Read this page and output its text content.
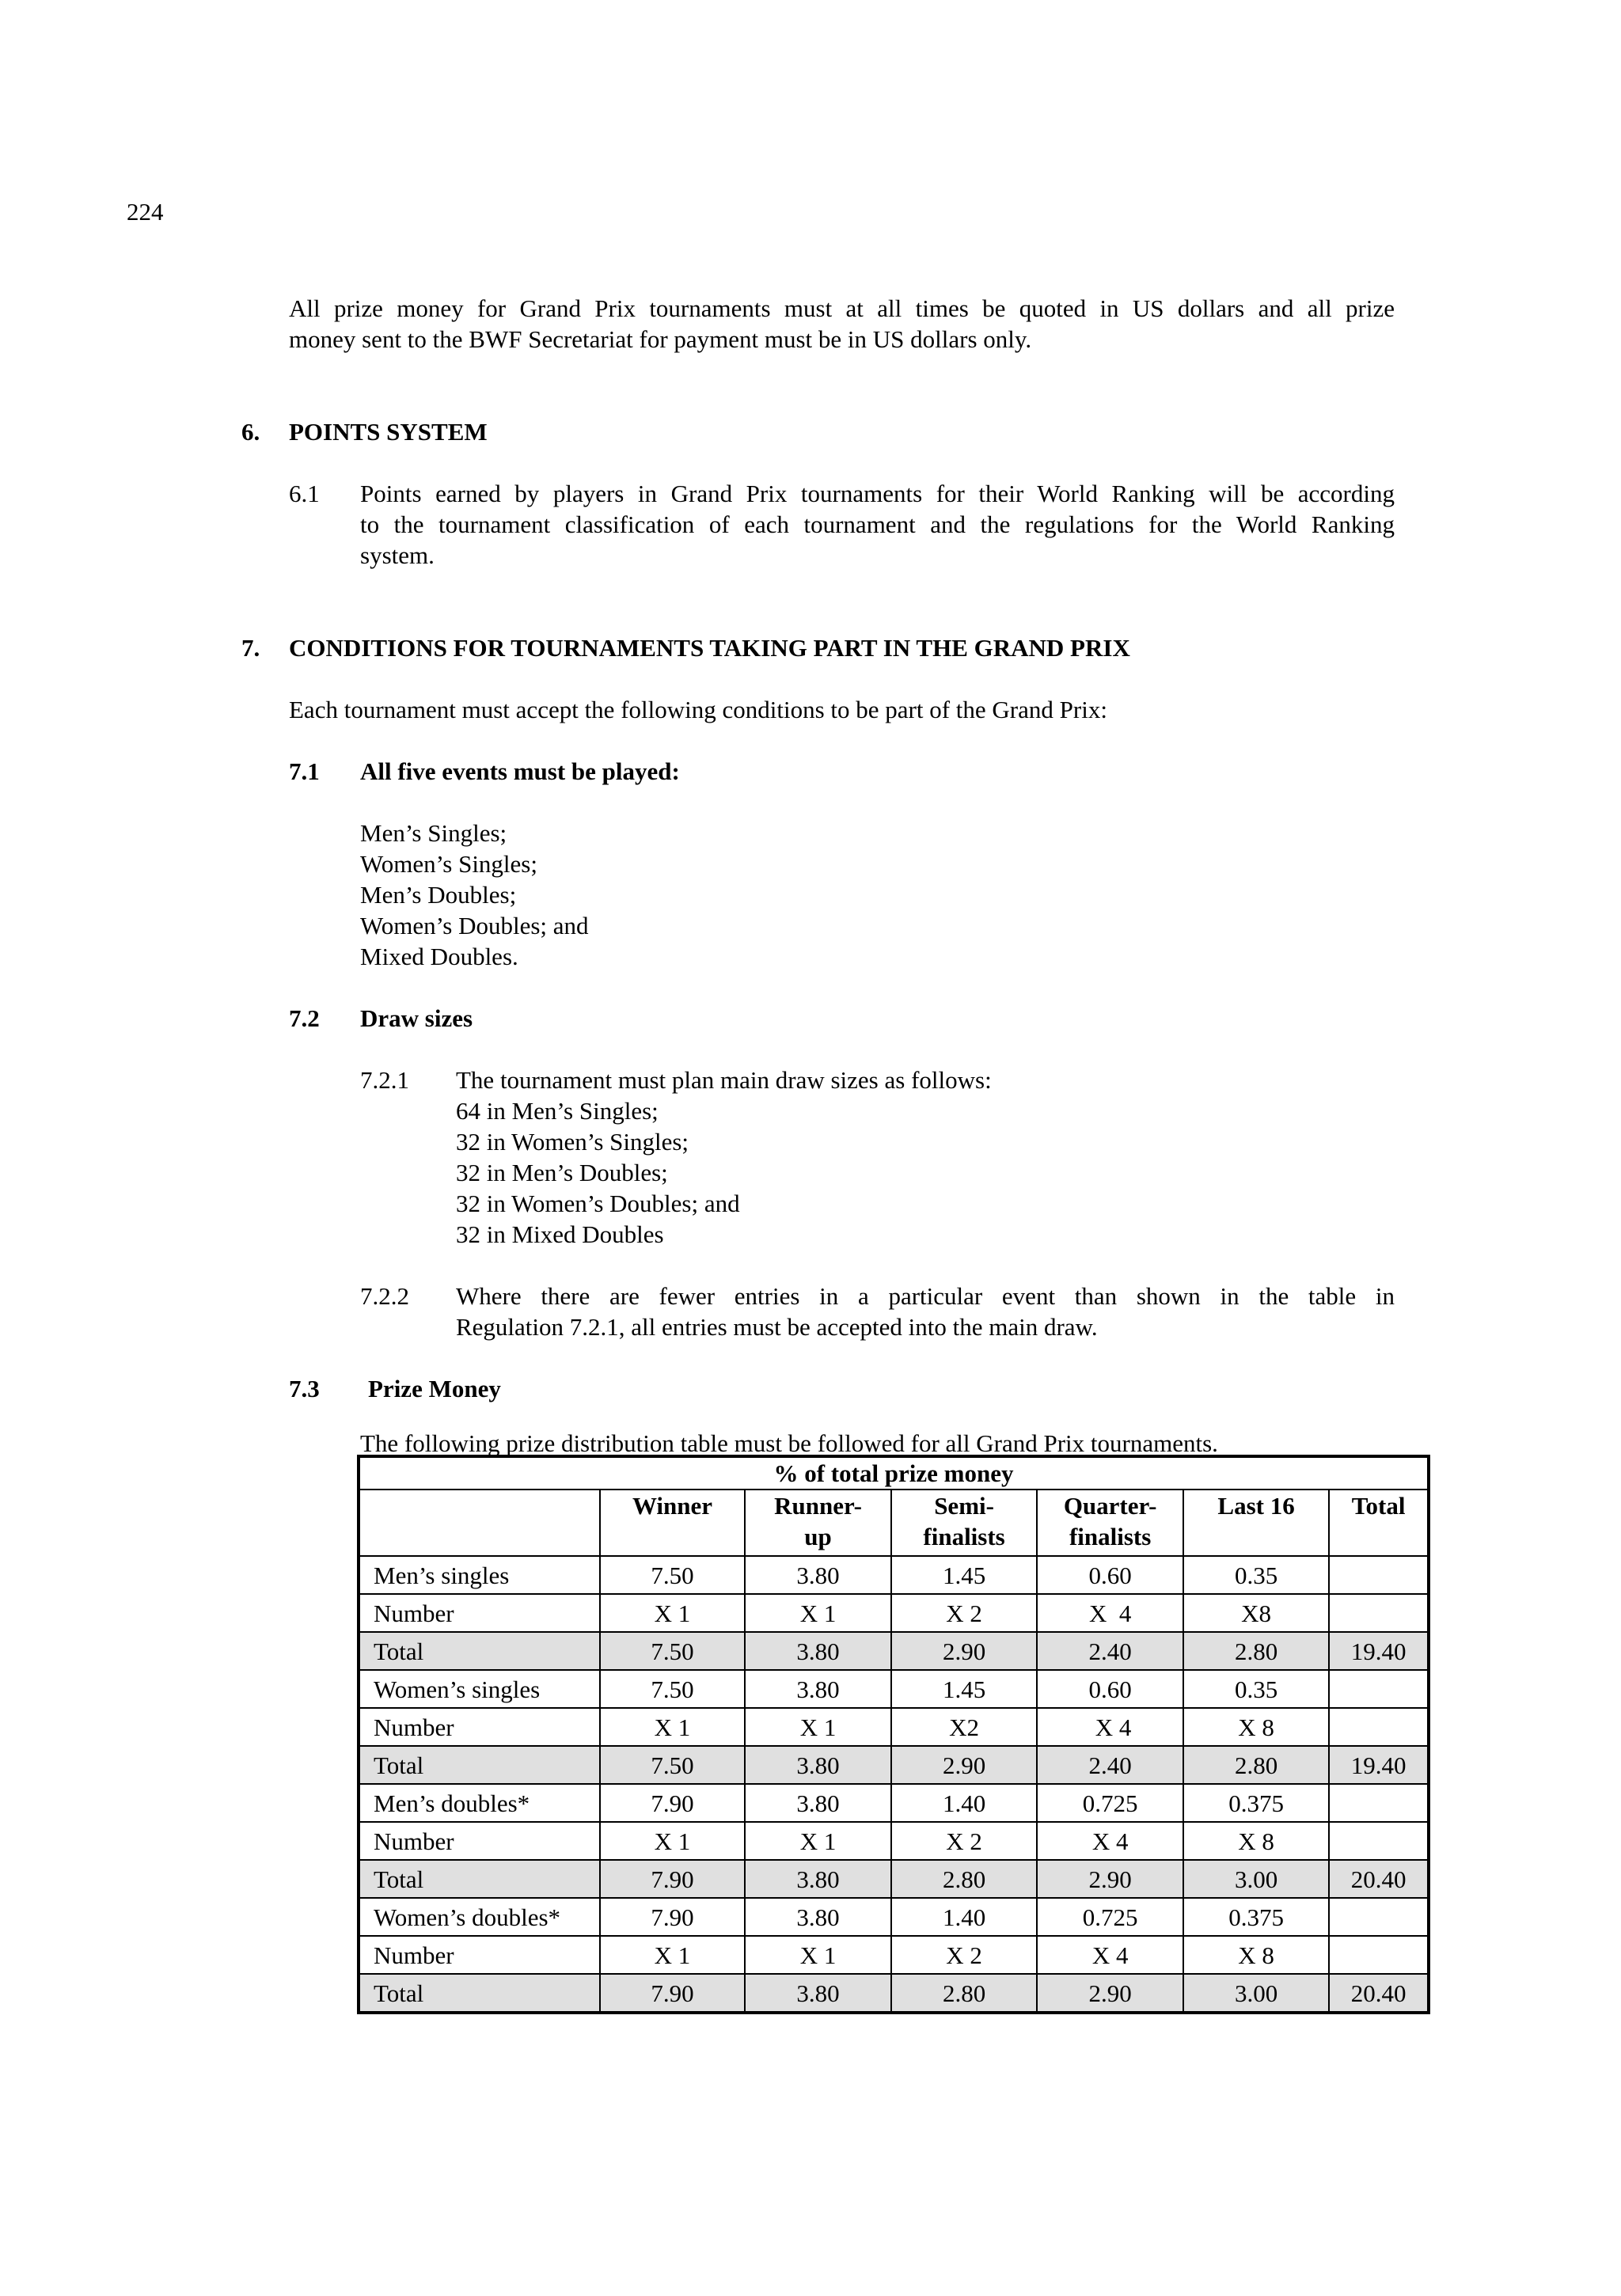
224
All prize money for Grand Prix tournaments must at all times be quoted in US dollars and all prize
money sent to the BWF Secretariat for payment must be in US dollars only.
6. POINTS SYSTEM
6.1 Points earned by players in Grand Prix tournaments for their World Ranking will be according
to the tournament classification of each tournament and the regulations for the World Ranking
system.
7. CONDITIONS FOR TOURNAMENTS TAKING PART IN THE GRAND PRIX
Each tournament must accept the following conditions to be part of the Grand Prix:
7.1 All five events must be played:
Men’s Singles;
Women’s Singles;
Men’s Doubles;
Women’s Doubles; and
Mixed Doubles.
7.2 Draw sizes
7.2.1 The tournament must plan main draw sizes as follows:
64 in Men’s Singles;
32 in Women’s Singles;
32 in Men’s Doubles;
32 in Women’s Doubles; and
32 in Mixed Doubles
7.2.2 Where there are fewer entries in a particular event than shown in the table in
Regulation 7.2.1, all entries must be accepted into the main draw.
7.3 Prize Money
The following prize distribution table must be followed for all Grand Prix tournaments.
% of total prize money						
	Winner	Runner-
up	Semi-
finalists	Quarter-
finalists	Last 16	Total

Men’s singles	7.50	3.80	1.45	0.60	0.35	
Number	X 1	X 1	X 2	X  4	X8	
Total	7.50	3.80	2.90	2.40	2.80	19.40
Women’s singles	7.50	3.80	1.45	0.60	0.35	
Number	X 1	X 1	X2	X 4	X 8	
Total	7.50	3.80	2.90	2.40	2.80	19.40
Men’s doubles*	7.90	3.80	1.40	0.725	0.375	
Number	X 1	X 1	X 2	X 4	X 8	
Total	7.90	3.80	2.80	2.90	3.00	20.40
Women’s doubles*	7.90	3.80	1.40	0.725	0.375	
Number	X 1	X 1	X 2	X 4	X 8	
Total	7.90	3.80	2.80	2.90	3.00	20.40
